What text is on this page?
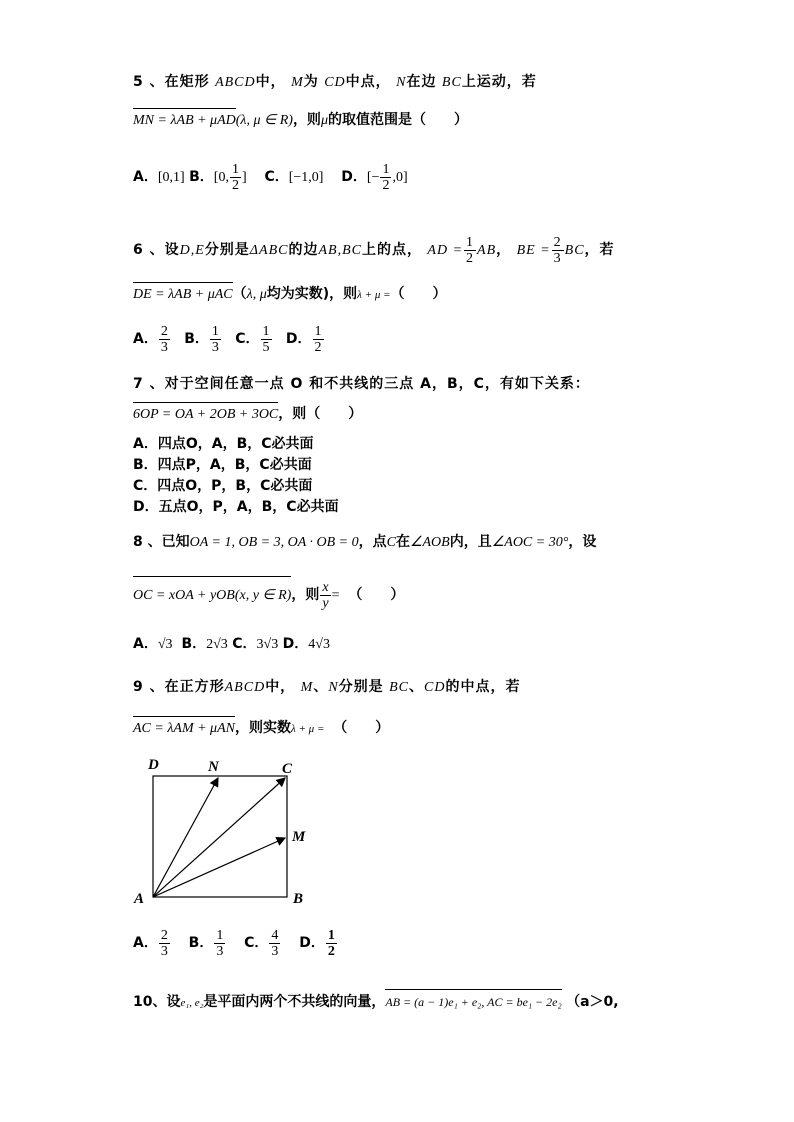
5 、在矩形 ABCD中， M为 CD中点， N在边 BC上运动，若
MN = λAB + μAD(λ, μ ∈ R)，则μ的取值范围是（　　）
A．[0,1] B．[0, $\frac{1}{2}$ ] C．[−1,0] D．[− $\frac{1}{2} ,0$]
6 、设D,E分别是ΔABC的边AB,BC上的点， AD = $\frac{1}{2}$ AB， BE = $\frac{2}{3}$ BC，若
DE = λAB + μAC（λ, μ均为实数)，则λ + μ =（　　）
A． $\frac{2}{3}$ B． $\frac{1}{3}$ C． $\frac{1}{5}$ D． $\frac{1}{2}$
7 、对于空间任意一点 O 和不共线的三点 A，B，C，有如下关系：
6OP = OA + 2OB + 3OC，则（　　）
A．四点O，A，B，C必共面
B．四点P，A，B，C必共面
C．四点O，P，B，C必共面
D．五点O，P，A，B，C必共面
8 、已知OA = 1, OB = 3, OA · OB = 0，点C在∠AOB内，且∠AOC = 30°，设
OC = xOA + yOB(x, y ∈ R)，则 $\frac{x}{y}$ = （　　）
A．√3 B．2√3 C．3√3 D．4√3
9 、在正方形ABCD中， M、N分别是 BC、CD的中点，若
AC = λAM + μAN，则实数λ + μ = （　　）
D	N	C
M
A	B
A． $\frac{2}{3}$ B． $\frac{1}{3}$ C． $\frac{4}{3}$ D． $\frac{1}{2}$
10、设e₁, e₂是平面内两个不共线的向量，AB = (a − 1)e₁ + e₂, AC = be₁ − 2e₂ （a＞0,
